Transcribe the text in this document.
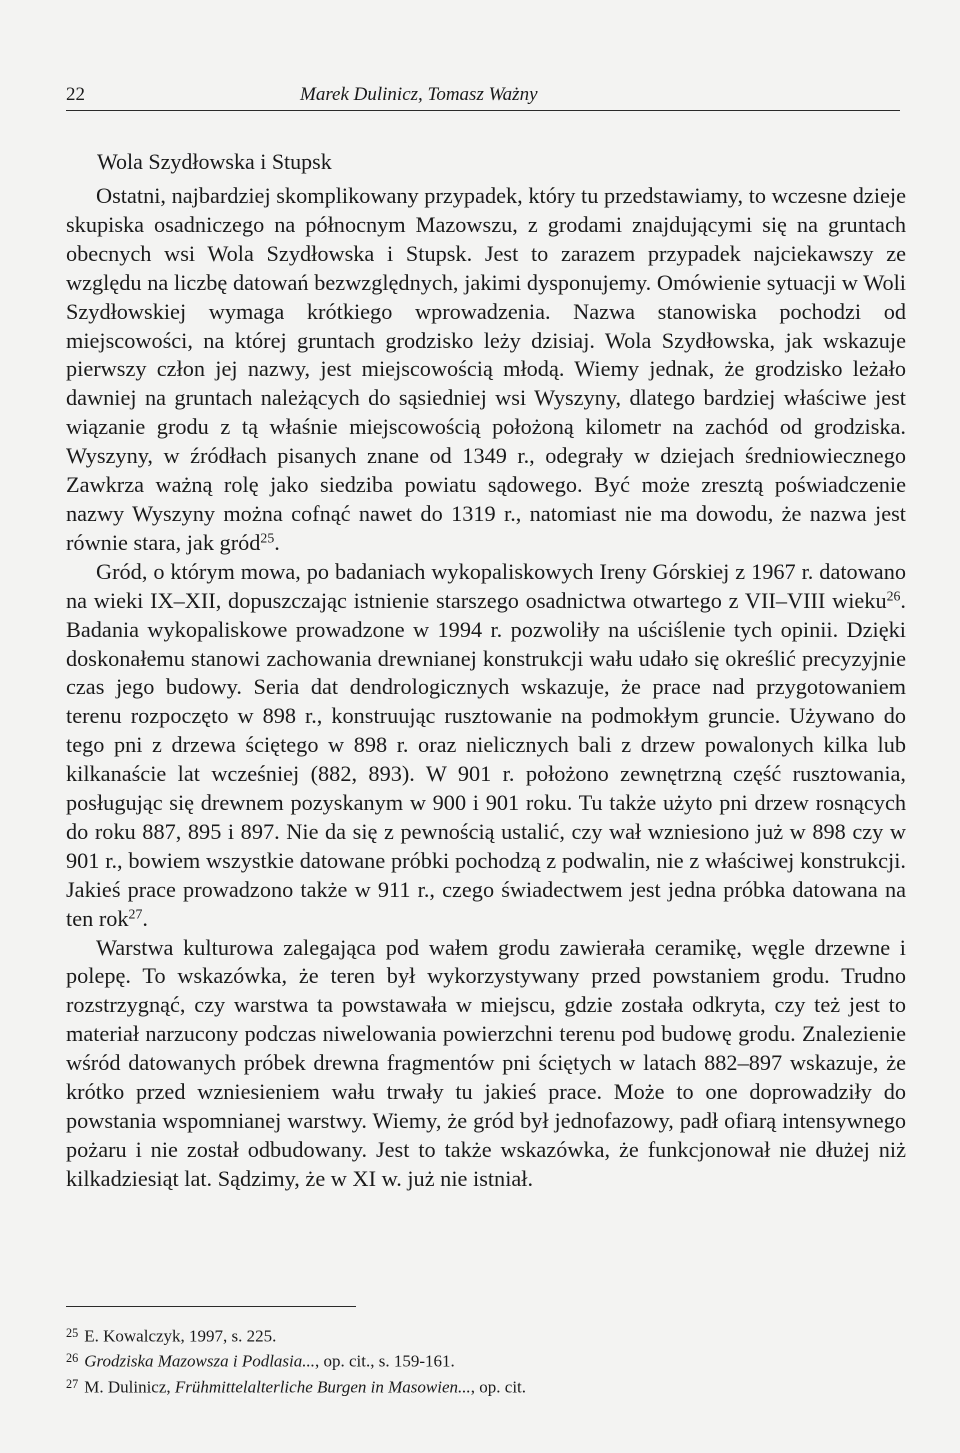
22	Marek Dulinicz, Tomasz Ważny
Wola Szydłowska i Stupsk

Ostatni, najbardziej skomplikowany przypadek, który tu przedstawiamy, to wczesne dzieje skupiska osadniczego na północnym Mazowszu, z grodami znajdującymi się na gruntach obecnych wsi Wola Szydłowska i Stupsk. Jest to zarazem przypadek najciekawszy ze względu na liczbę datowań bezwzględnych, jakimi dysponujemy. Omówienie sytuacji w Woli Szydłowskiej wymaga krótkiego wprowadzenia. Nazwa stanowiska pochodzi od miejscowości, na której gruntach grodzisko leży dzisiaj. Wola Szydłowska, jak wskazuje pierwszy człon jej nazwy, jest miejscowością młodą. Wiemy jednak, że grodzisko leżało dawniej na gruntach należących do sąsiedniej wsi Wyszyny, dlatego bardziej właściwe jest wiązanie grodu z tą właśnie miejscowością położoną kilometr na zachód od grodziska. Wyszyny, w źródłach pisanych znane od 1349 r., odegrały w dziejach średniowiecznego Zawkrza ważną rolę jako siedziba powiatu sądowego. Być może zresztą poświadczenie nazwy Wyszyny można cofnąć nawet do 1319 r., natomiast nie ma dowodu, że nazwa jest równie stara, jak gród$^{25}$.

Gród, o którym mowa, po badaniach wykopaliskowych Ireny Górskiej z 1967 r. datowano na wieki IX–XII, dopuszczając istnienie starszego osadnictwa otwartego z VII–VIII wieku$^{26}$. Badania wykopaliskowe prowadzone w 1994 r. pozwoliły na uściślenie tych opinii. Dzięki doskonałemu stanowi zachowania drewnianej konstrukcji wału udało się określić precyzyjnie czas jego budowy. Seria dat dendrologicznych wskazuje, że prace nad przygotowaniem terenu rozpoczęto w 898 r., konstruując rusztowanie na podmokłym gruncie. Używano do tego pni z drzewa ściętego w 898 r. oraz nielicznych bali z drzew powalonych kilka lub kilkanaście lat wcześniej (882, 893). W 901 r. położono zewnętrzną część rusztowania, posługując się drewnem pozyskanym w 900 i 901 roku. Tu także użyto pni drzew rosnących do roku 887, 895 i 897. Nie da się z pewnością ustalić, czy wał wzniesiono już w 898 czy w 901 r., bowiem wszystkie datowane próbki pochodzą z podwalin, nie z właściwej konstrukcji. Jakieś prace prowadzono także w 911 r., czego świadectwem jest jedna próbka datowana na ten rok$^{27}$.

Warstwa kulturowa zalegająca pod wałem grodu zawierała ceramikę, węgle drzewne i polepę. To wskazówka, że teren był wykorzystywany przed powstaniem grodu. Trudno rozstrzygnąć, czy warstwa ta powstawała w miejscu, gdzie została odkryta, czy też jest to materiał narzucony podczas niwelowania powierzchni terenu pod budowę grodu. Znalezienie wśród datowanych próbek drewna fragmentów pni ściętych w latach 882–897 wskazuje, że krótko przed wzniesieniem wału trwały tu jakieś prace. Może to one doprowadziły do powstania wspomnianej warstwy. Wiemy, że gród był jednofazowy, padł ofiarą intensywnego pożaru i nie został odbudowany. Jest to także wskazówka, że funkcjonował nie dłużej niż kilkadziesiąt lat. Sądzimy, że w XI w. już nie istniał.

$^{25}$ E. Kowalczyk, 1997, s. 225.

$^{26}$ Grodziska Mazowsza i Podlasia..., op. cit., s. 159-161.

$^{27}$ M. Dulinicz, Frühmittelalterliche Burgen in Masowien..., op. cit.
